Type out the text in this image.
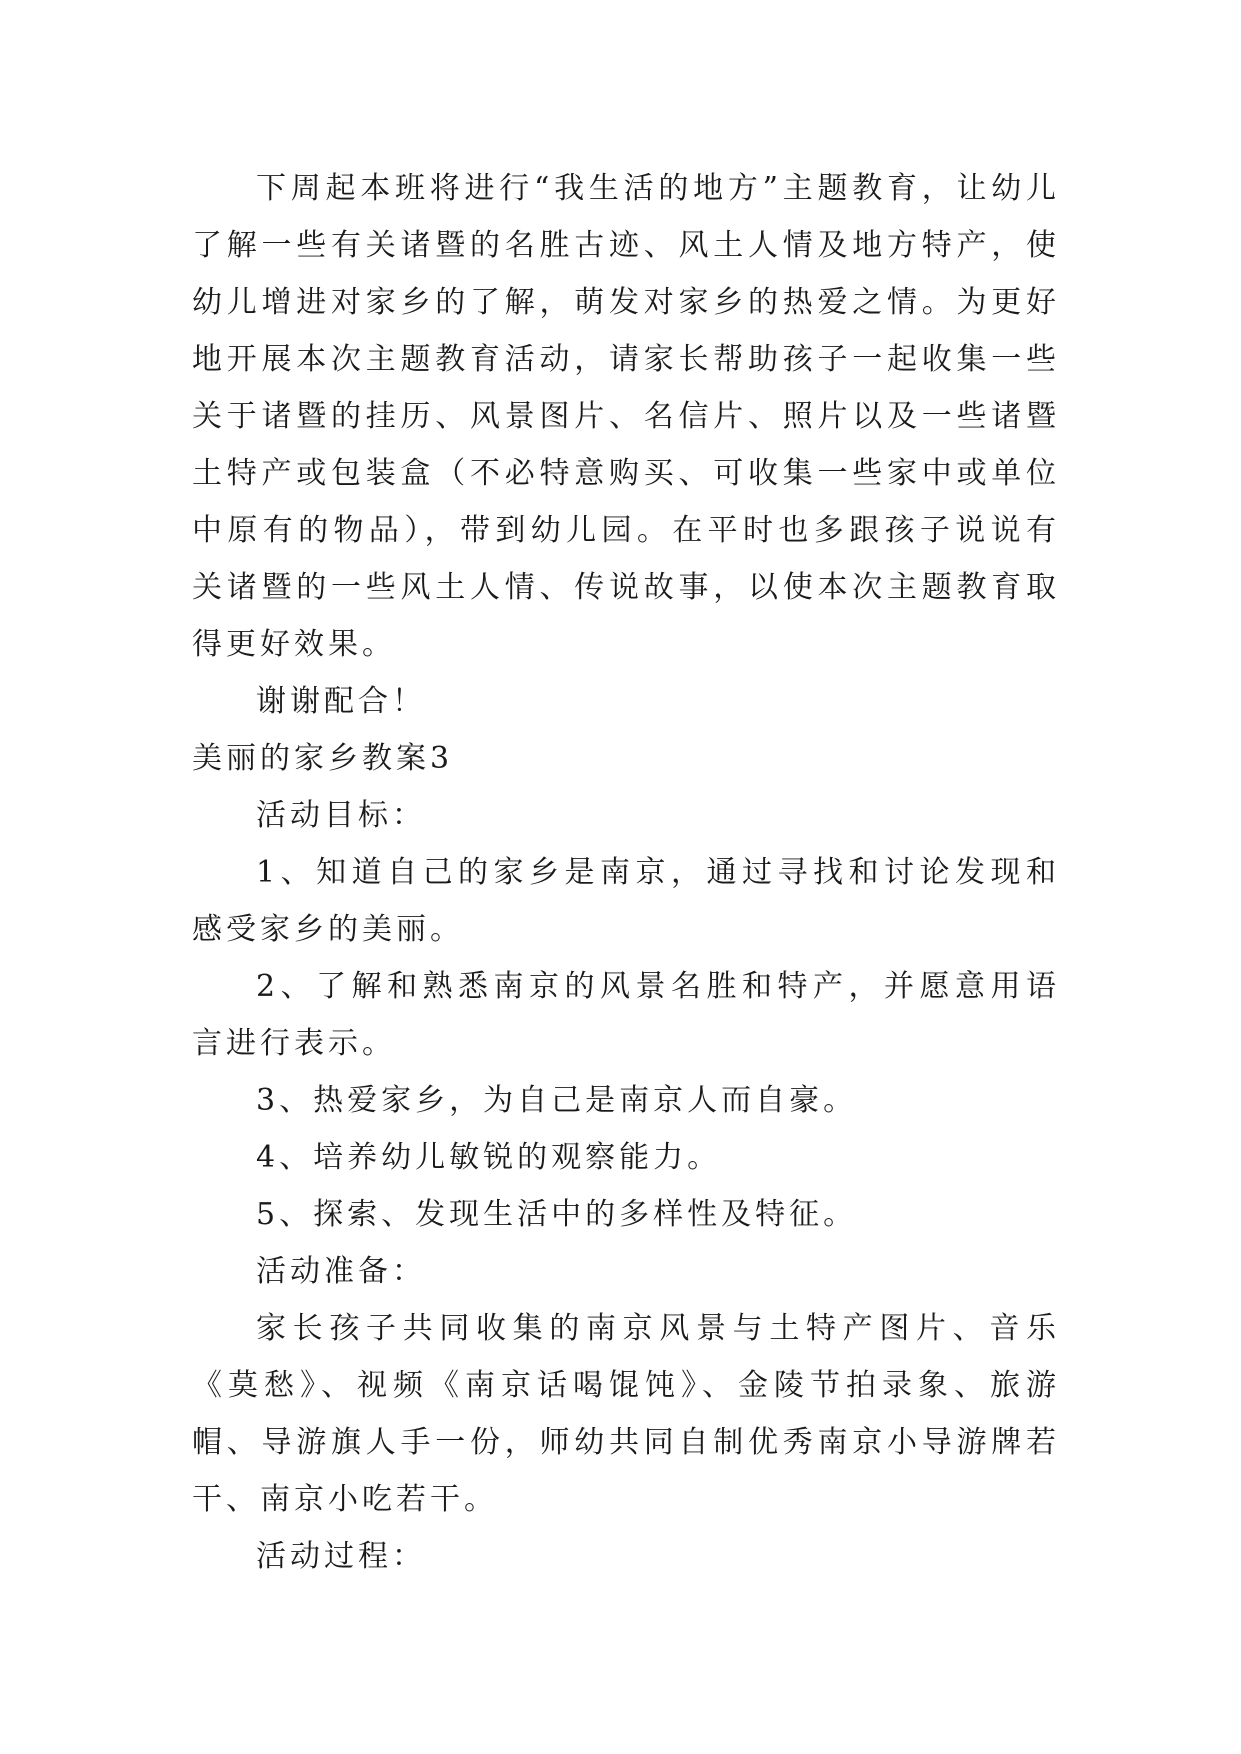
下周起本班将进行“我生活的地方”主题教育，让幼儿了解一些有关诸暨的名胜古迹、风土人情及地方特产，使幼儿增进对家乡的了解，萌发对家乡的热爱之情。为更好地开展本次主题教育活动，请家长帮助孩子一起收集一些关于诸暨的挂历、风景图片、名信片、照片以及一些诸暨土特产或包装盒（不必特意购买、可收集一些家中或单位中原有的物品），带到幼儿园。在平时也多跟孩子说说有关诸暨的一些风土人情、传说故事，以使本次主题教育取得更好效果。

谢谢配合！

美丽的家乡教案3

活动目标：

1、知道自己的家乡是南京，通过寻找和讨论发现和感受家乡的美丽。

2、了解和熟悉南京的风景名胜和特产，并愿意用语言进行表示。

3、热爱家乡，为自己是南京人而自豪。

4、培养幼儿敏锐的观察能力。

5、探索、发现生活中的多样性及特征。

活动准备：

家长孩子共同收集的南京风景与土特产图片、音乐《莫愁》、视频《南京话喝馄饨》、金陵节拍录象、旅游帽、导游旗人手一份，师幼共同自制优秀南京小导游牌若干、南京小吃若干。

活动过程：
